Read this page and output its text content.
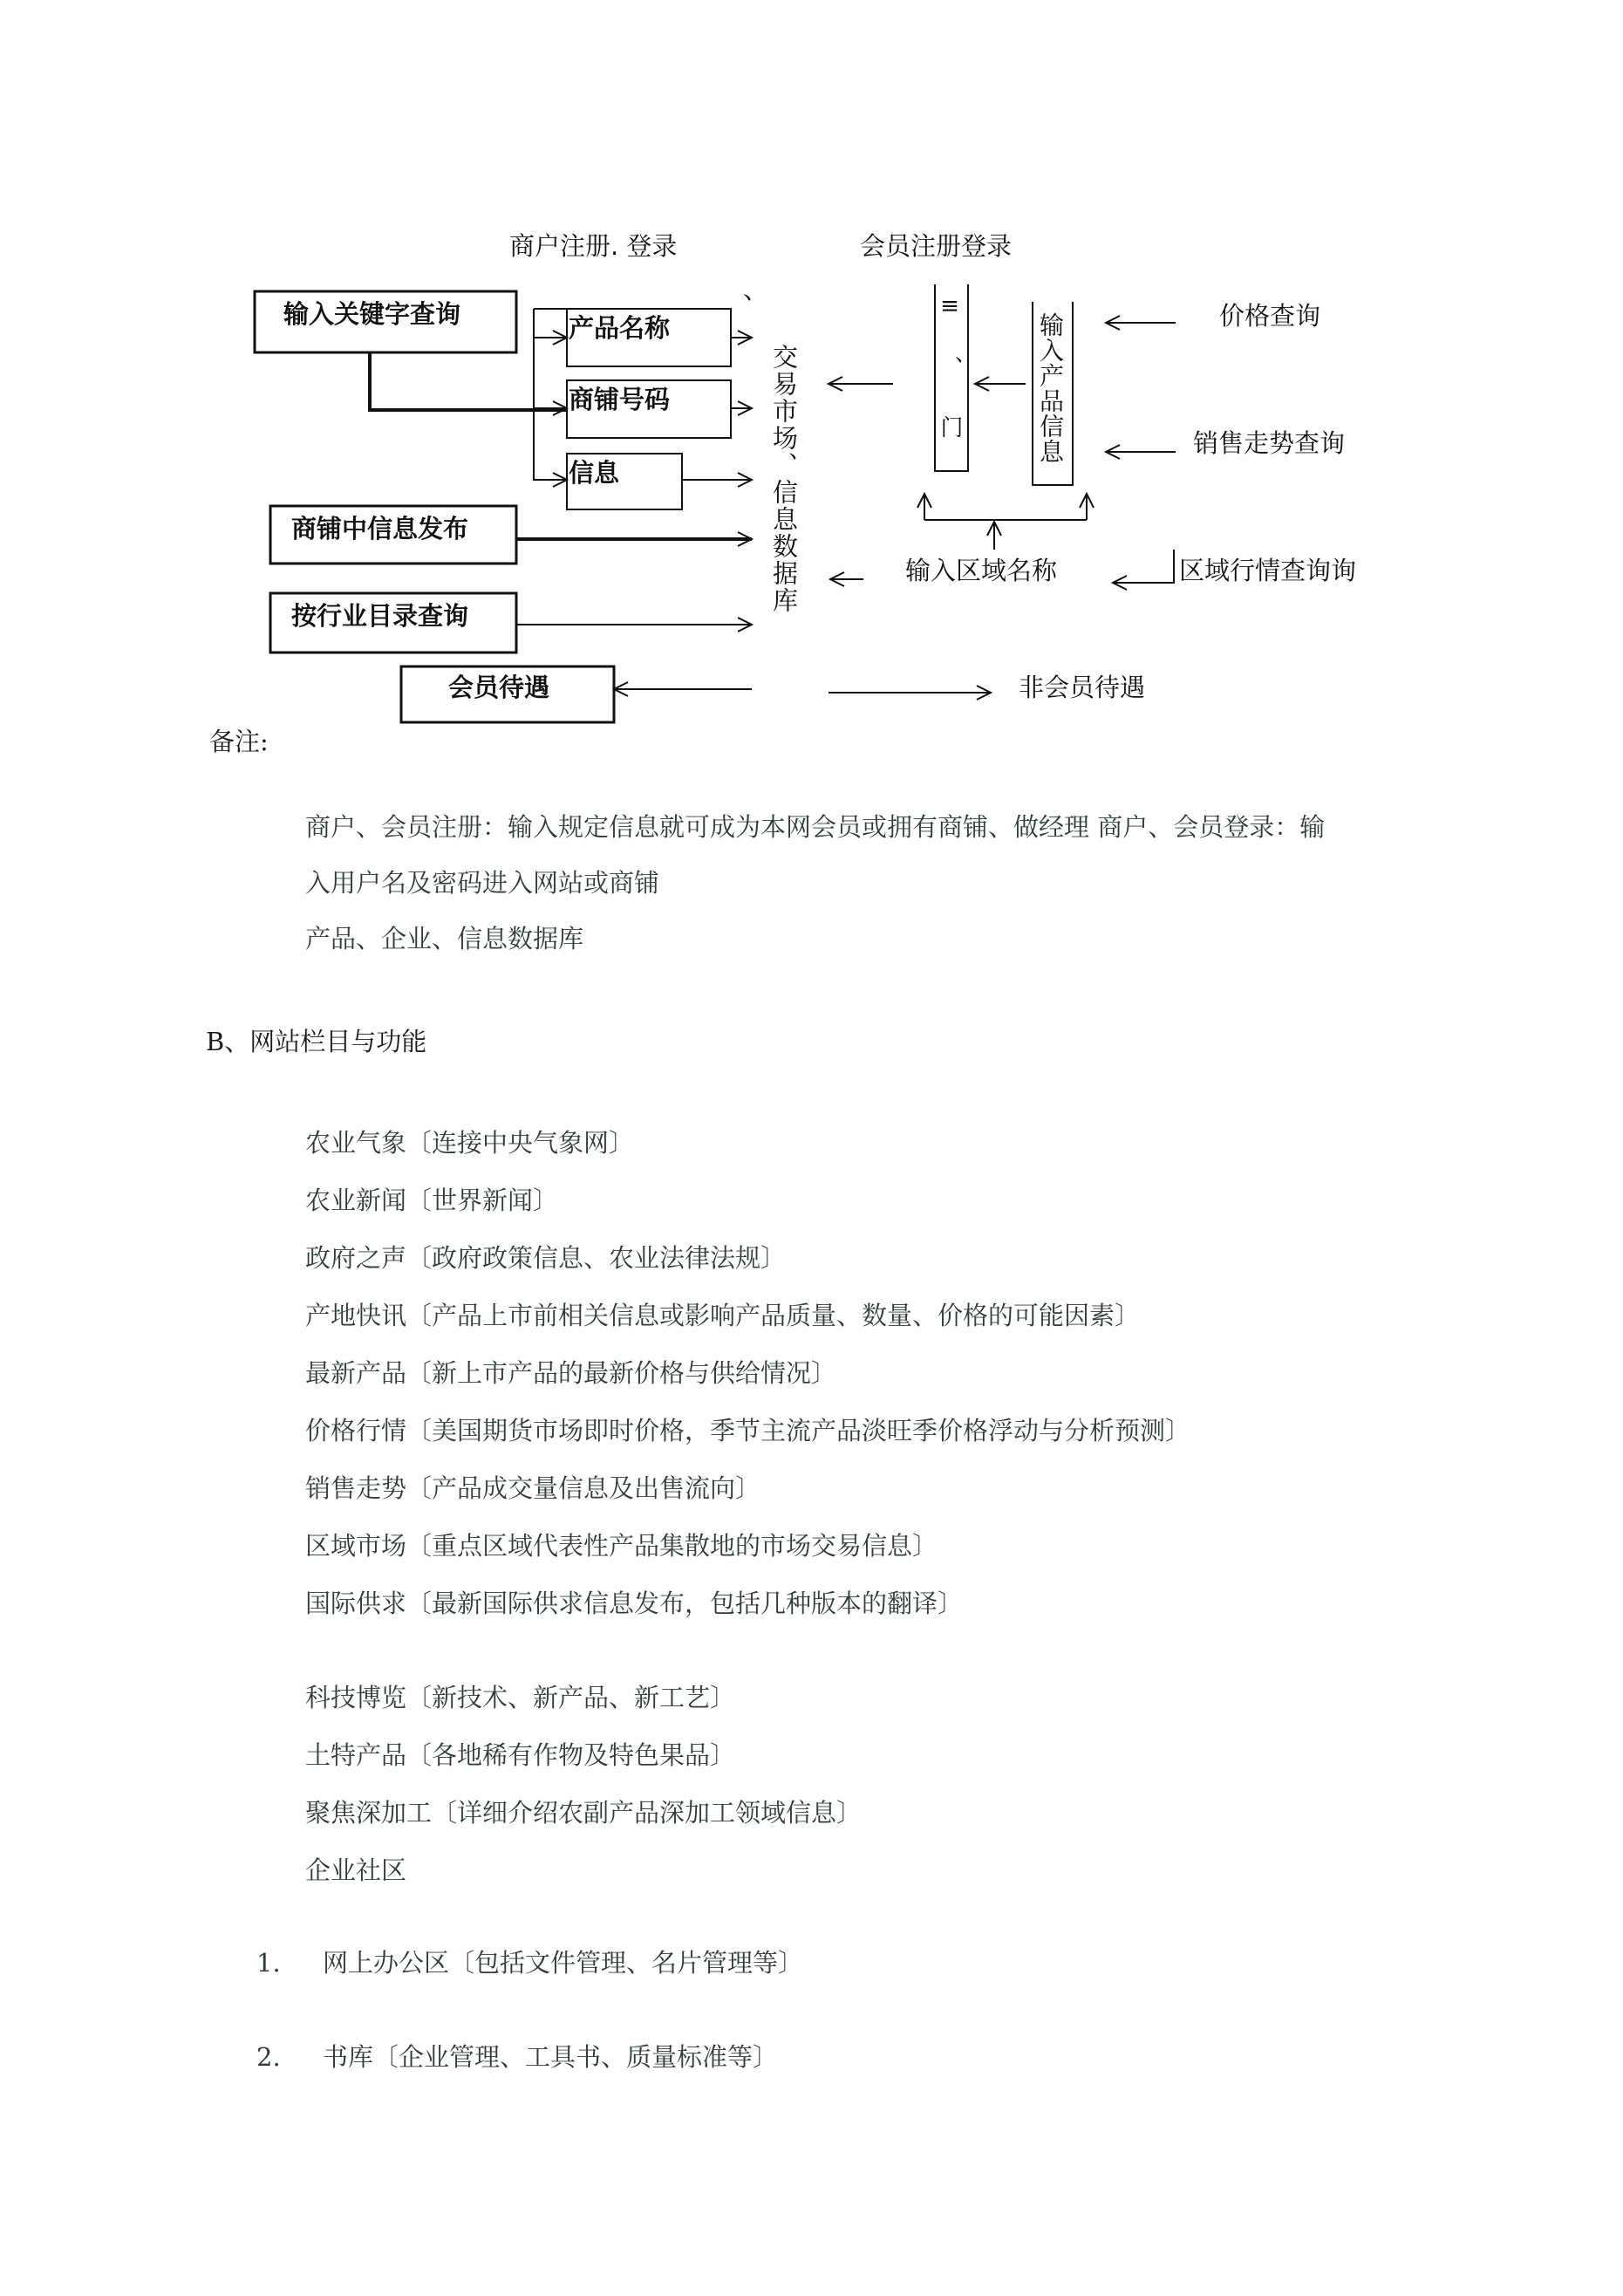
商户注册. 登录	会员注册登录
输入关键字查询	产品名称
商铺号码
信息
商铺中信息发布
按行业目录查询
会员待遇	非会员待遇
交易市场、信息数据库
、
≡ 、 门	输入产品信息	价格查询
销售走势查询
输入区域名称	区域行情查询询
备注:
商户、会员注册：输入规定信息就可成为本网会员或拥有商铺、做经理 商户、会员登录：输
入用户名及密码进入网站或商铺
产品、企业、信息数据库
B、网站栏目与功能
农业气象〔连接中央气象网〕
农业新闻〔世界新闻〕
政府之声〔政府政策信息、农业法律法规〕
产地快讯〔产品上市前相关信息或影响产品质量、数量、价格的可能因素〕
最新产品〔新上市产品的最新价格与供给情况〕
价格行情〔美国期货市场即时价格，季节主流产品淡旺季价格浮动与分析预测〕
销售走势〔产品成交量信息及出售流向〕
区域市场〔重点区域代表性产品集散地的市场交易信息〕
国际供求〔最新国际供求信息发布，包括几种版本的翻译〕
科技博览〔新技术、新产品、新工艺〕
土特产品〔各地稀有作物及特色果品〕
聚焦深加工〔详细介绍农副产品深加工领域信息〕
企业社区
1. 网上办公区〔包括文件管理、名片管理等〕
2. 书库〔企业管理、工具书、质量标准等〕
